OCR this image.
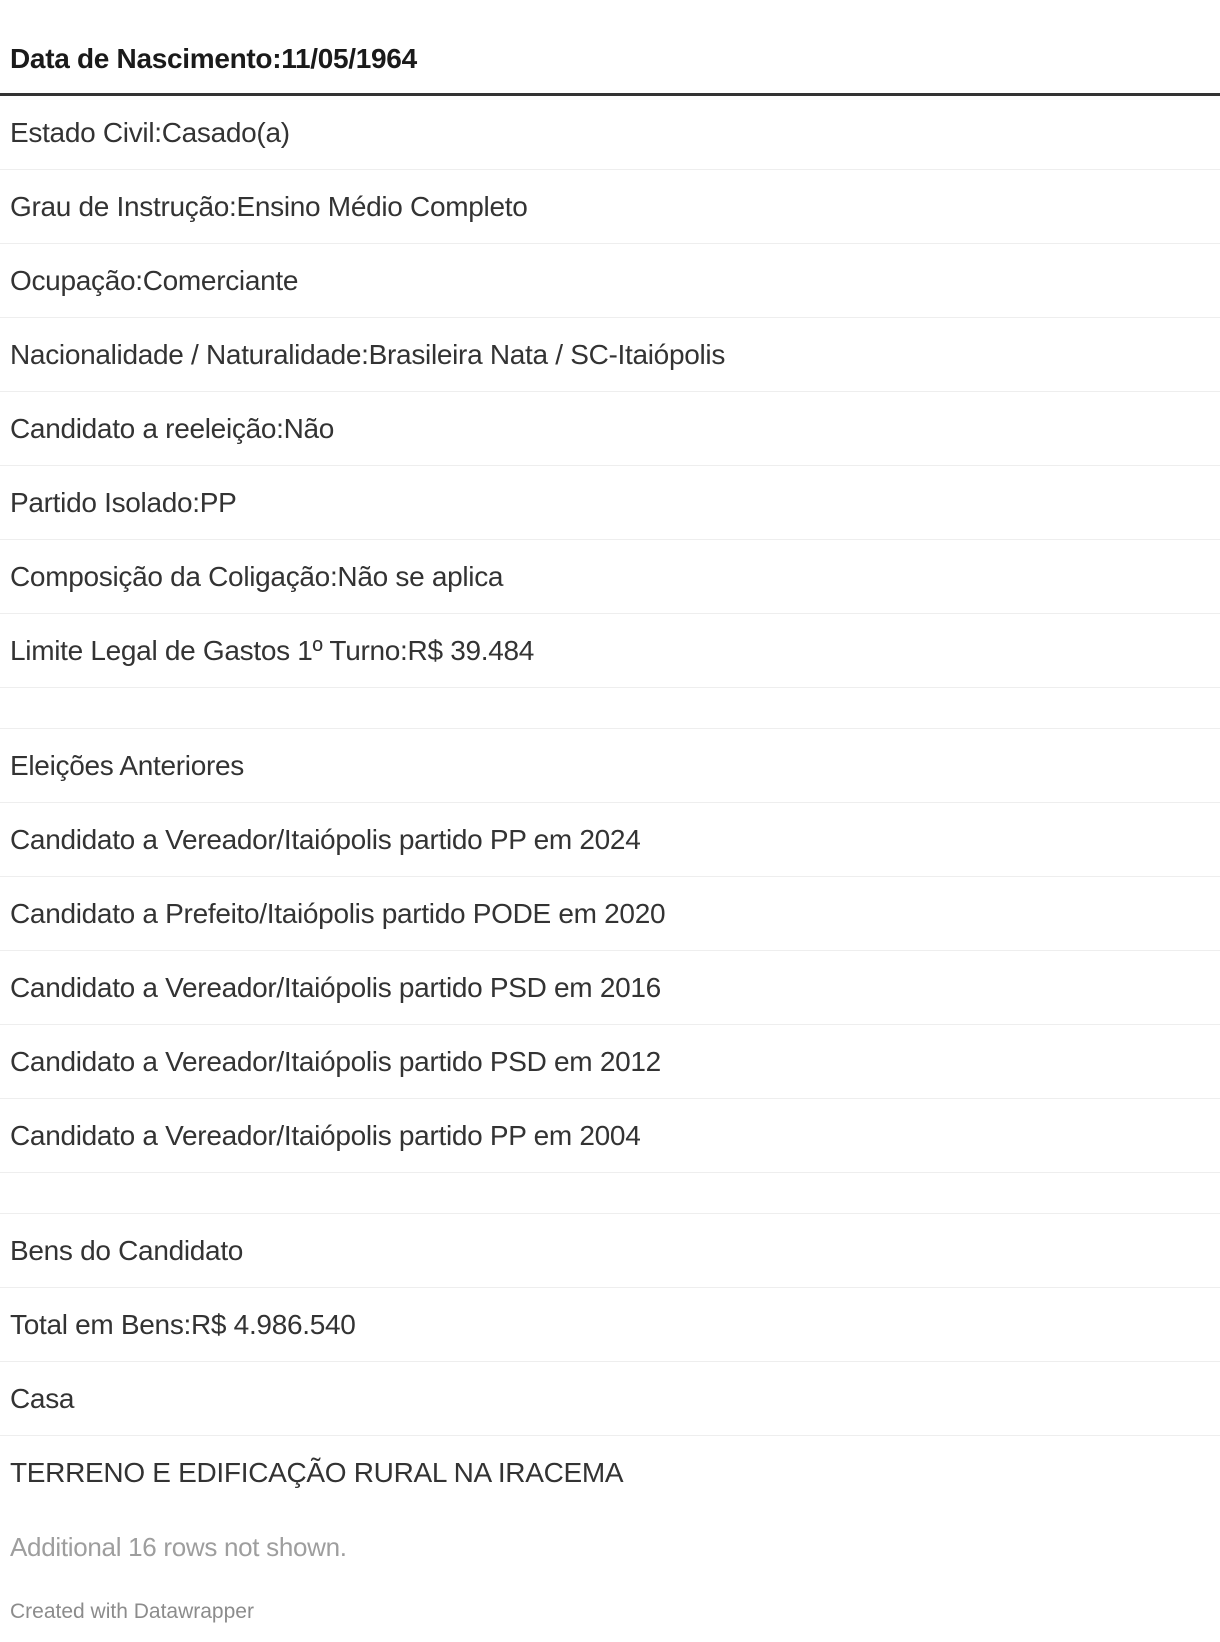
Data de Nascimento:11/05/1964
Estado Civil:Casado(a)
Grau de Instrução:Ensino Médio Completo
Ocupação:Comerciante
Nacionalidade / Naturalidade:Brasileira Nata / SC-Itaiópolis
Candidato a reeleição:Não
Partido Isolado:PP
Composição da Coligação:Não se aplica
Limite Legal de Gastos 1º Turno:R$ 39.484
Eleições Anteriores
Candidato a Vereador/Itaiópolis partido PP em 2024
Candidato a Prefeito/Itaiópolis partido PODE em 2020
Candidato a Vereador/Itaiópolis partido PSD em 2016
Candidato a Vereador/Itaiópolis partido PSD em 2012
Candidato a Vereador/Itaiópolis partido PP em 2004
Bens do Candidato
Total em Bens:R$ 4.986.540
Casa
TERRENO E EDIFICAÇÃO RURAL NA IRACEMA
Additional 16 rows not shown.
Created with Datawrapper
